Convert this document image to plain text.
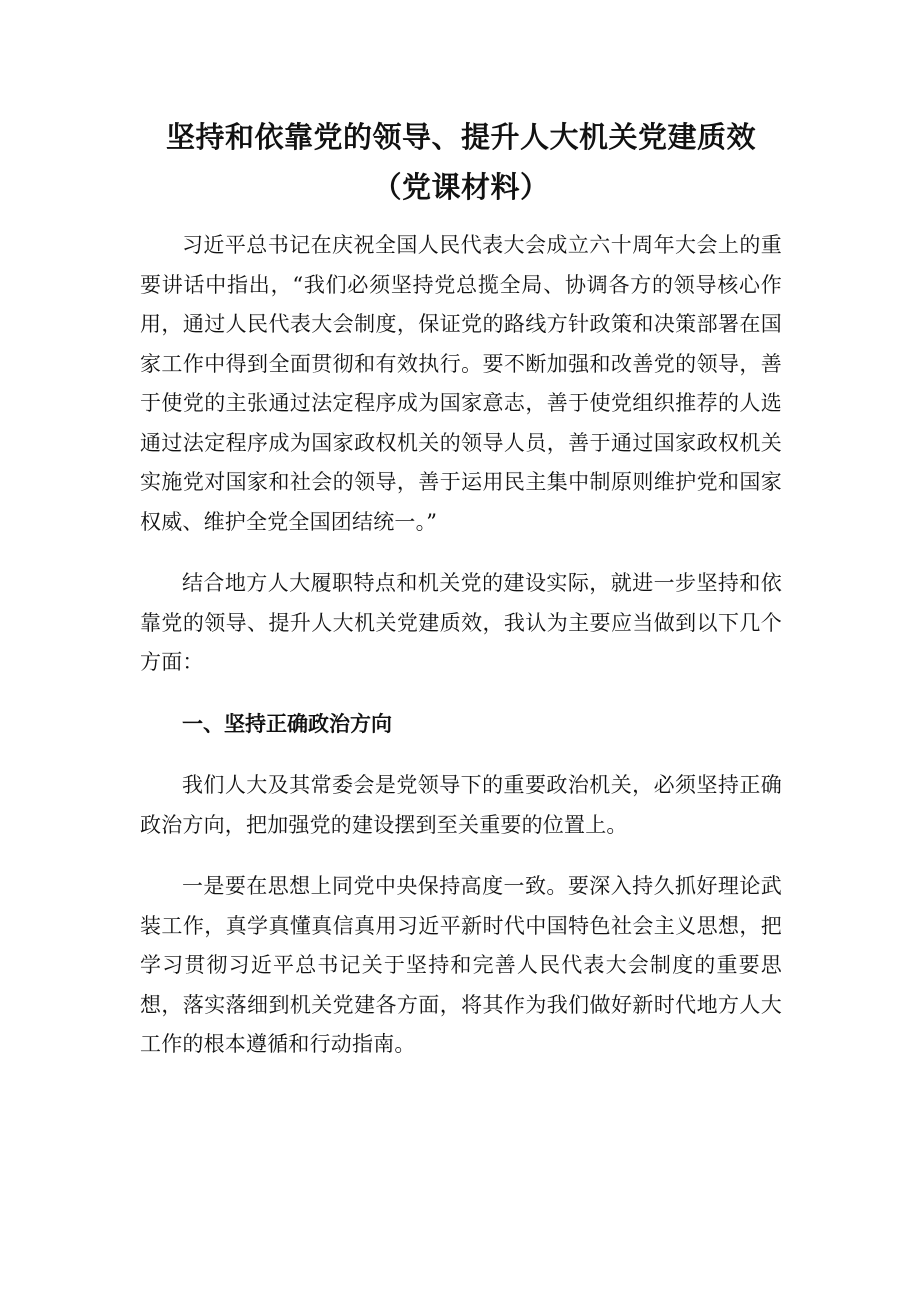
坚持和依靠党的领导、提升人大机关党建质效（党课材料）

习近平总书记在庆祝全国人民代表大会成立六十周年大会上的重要讲话中指出，“我们必须坚持党总揽全局、协调各方的领导核心作用，通过人民代表大会制度，保证党的路线方针政策和决策部署在国家工作中得到全面贯彻和有效执行。要不断加强和改善党的领导，善于使党的主张通过法定程序成为国家意志，善于使党组织推荐的人选通过法定程序成为国家政权机关的领导人员，善于通过国家政权机关实施党对国家和社会的领导，善于运用民主集中制原则维护党和国家权威、维护全党全国团结统一。”

结合地方人大履职特点和机关党的建设实际，就进一步坚持和依靠党的领导、提升人大机关党建质效，我认为主要应当做到以下几个方面：

一、坚持正确政治方向

我们人大及其常委会是党领导下的重要政治机关，必须坚持正确政治方向，把加强党的建设摆到至关重要的位置上。

一是要在思想上同党中央保持高度一致。要深入持久抓好理论武装工作，真学真懂真信真用习近平新时代中国特色社会主义思想，把学习贯彻习近平总书记关于坚持和完善人民代表大会制度的重要思想，落实落细到机关党建各方面，将其作为我们做好新时代地方人大工作的根本遵循和行动指南。
